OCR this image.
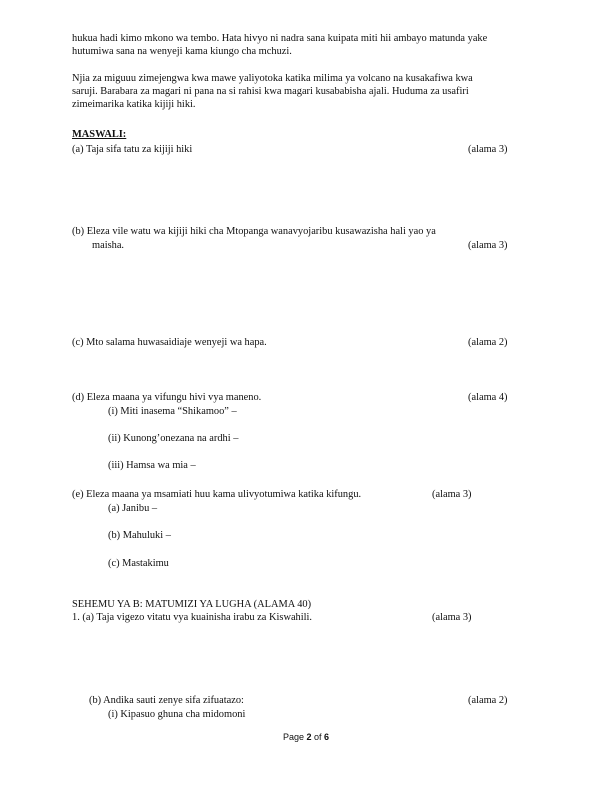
hukua hadi kimo mkono wa tembo. Hata hivyo ni nadra sana kuipata miti hii ambayo matunda yake
hutumiwa sana na wenyeji kama kiungo cha mchuzi.
Njia za miguuu zimejengwa kwa mawe yaliyotoka katika milima ya volcano na kusakafiwa kwa
saruji. Barabara za magari ni pana na si rahisi kwa magari kusababisha ajali. Huduma za usafiri
zimeimarika katika kijiji hiki.
MASWALI:
(a) Taja sifa tatu za kijiji hiki	(alama 3)
(b) Eleza vile watu wa kijiji hiki cha Mtopanga wanavyojaribu kusawazisha hali yao ya
maisha.	(alama 3)
(c) Mto salama huwasaidiaje wenyeji wa hapa.	(alama 2)
(d) Eleza maana ya vifungu hivi vya maneno.	(alama 4)
(i) Miti inasema “Shikamoo” –
(ii) Kunong’onezana na ardhi –
(iii) Hamsa wa mia –
(e) Eleza maana ya msamiati huu kama ulivyotumiwa katika kifungu.	(alama 3)
(a) Janibu –
(b) Mahuluki –
(c) Mastakimu
SEHEMU YA B: MATUMIZI YA LUGHA (ALAMA 40)
1. (a) Taja vigezo vitatu vya kuainisha irabu za Kiswahili.	(alama 3)
(b) Andika sauti zenye sifa zifuatazo:	(alama 2)
(i) Kipasuo ghuna cha midomoni
Page 2 of 6
